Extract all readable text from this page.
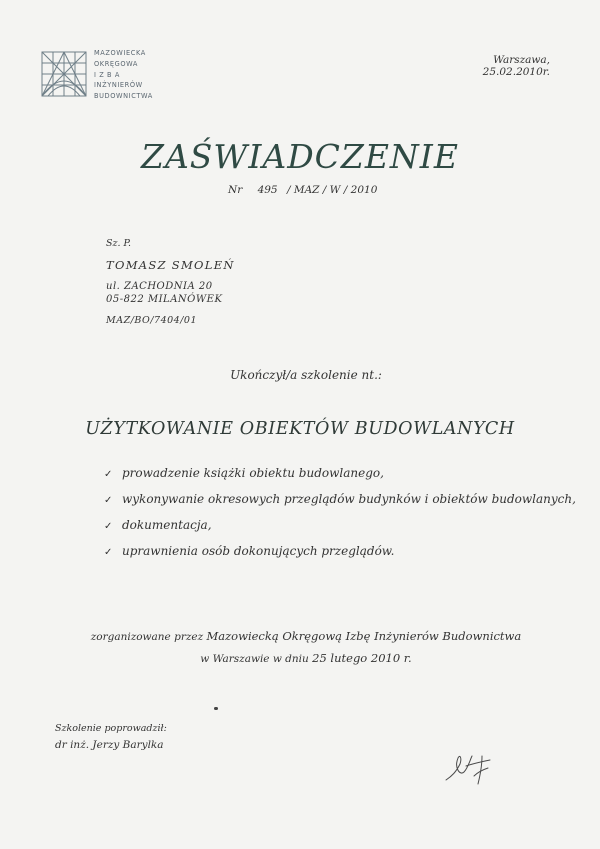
MAZOWIECKA
OKRĘGOWA
I Z B A
INŻYNIERÓW
BUDOWNICTWA
Warszawa, 25.02.2010r.
ZAŚWIADCZENIE
Nr 495 / MAZ / W / 2010
Sz. P.
TOMASZ SMOLEŃ
ul. ZACHODNIA 20
05-822 MILANÓWEK
MAZ/BO/7404/01
Ukończył/a szkolenie nt.:
UŻYTKOWANIE OBIEKTÓW BUDOWLANYCH
✓ prowadzenie książki obiektu budowlanego,
✓ wykonywanie okresowych przeglądów budynków i obiektów budowlanych,
✓ dokumentacja,
✓ uprawnienia osób dokonujących przeglądów.
zorganizowane przez Mazowiecką Okręgową Izbę Inżynierów Budownictwa
w Warszawie w dniu 25 lutego 2010 r.
Szkolenie poprowadził:
dr inż. Jerzy Barylka
